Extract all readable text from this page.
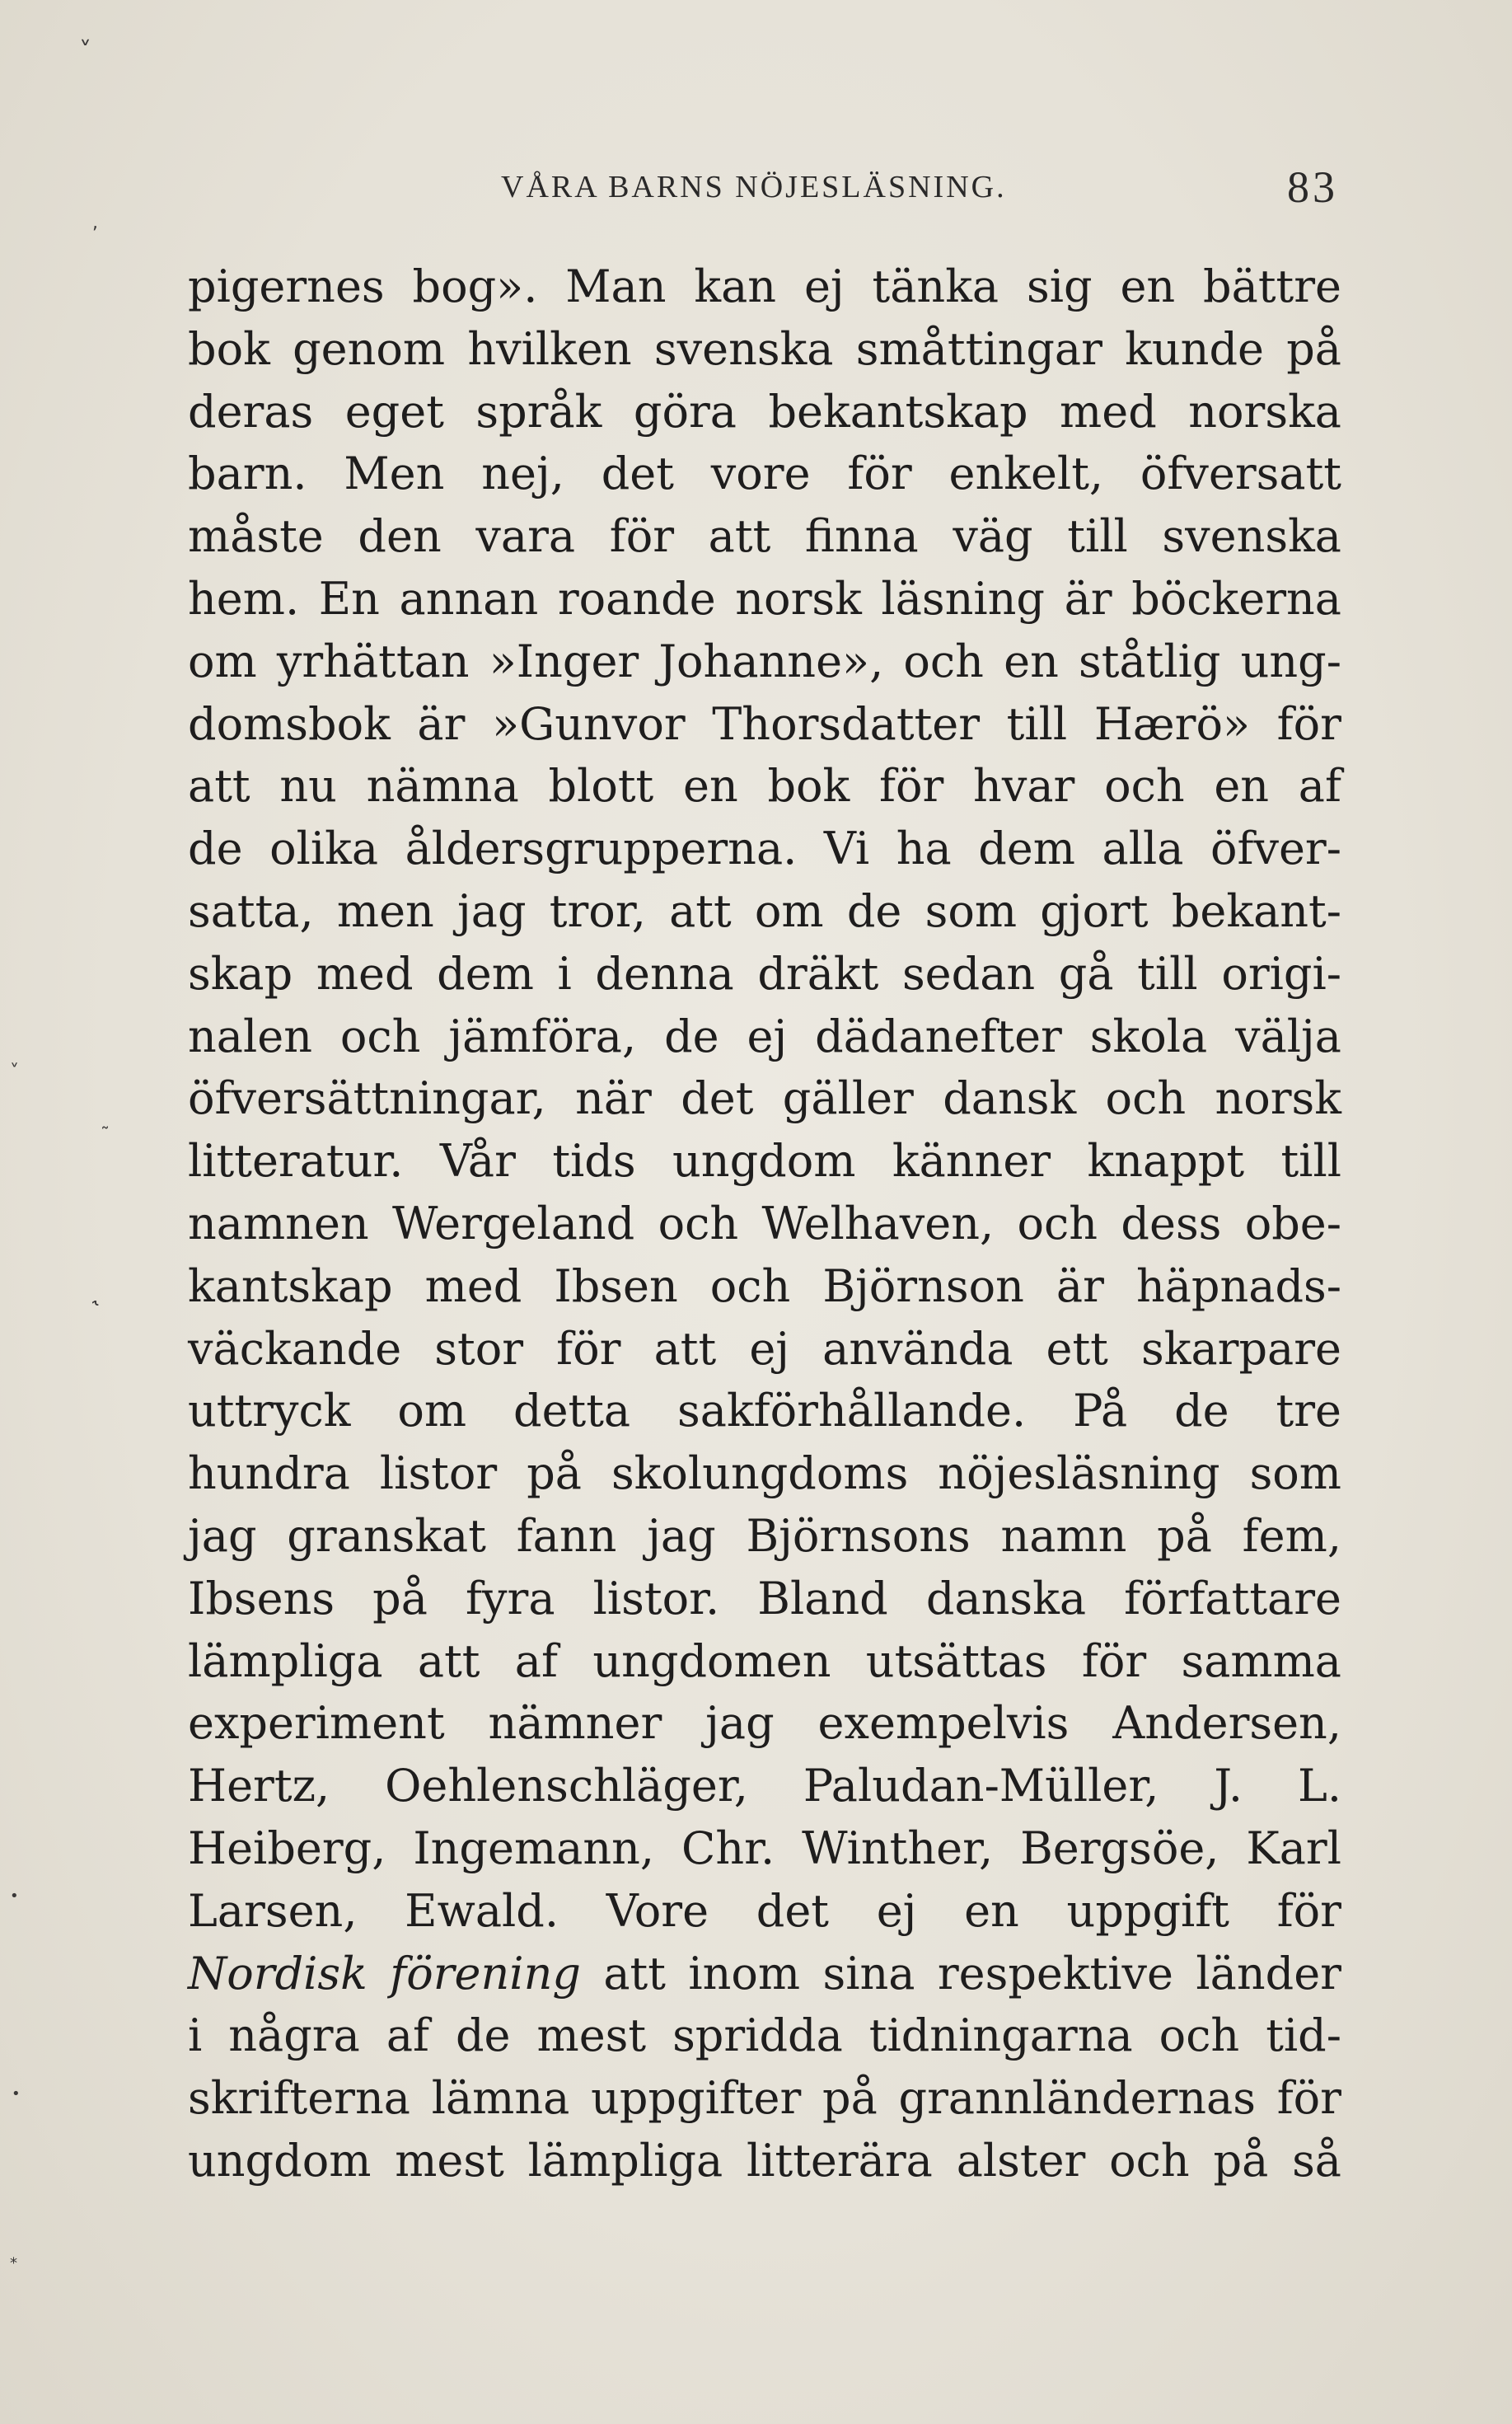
VÅRA BARNS NÖJESLÄSNING.	83
ˬ
,
˅
˜
˞
•
•
⁎
pigernes bog». Man kan ej tänka sig en bättre
bok genom hvilken svenska småttingar kunde på
deras eget språk göra bekantskap med norska
barn. Men nej, det vore för enkelt, öfversatt
måste den vara för att finna väg till svenska
hem. En annan roande norsk läsning är böckerna
om yrhättan »Inger Johanne», och en ståtlig ung-
domsbok är »Gunvor Thorsdatter till Hærö» för
att nu nämna blott en bok för hvar och en af
de olika åldersgrupperna. Vi ha dem alla öfver-
satta, men jag tror, att om de som gjort bekant-
skap med dem i denna dräkt sedan gå till origi-
nalen och jämföra, de ej dädanefter skola välja
öfversättningar, när det gäller dansk och norsk
litteratur. Vår tids ungdom känner knappt till
namnen Wergeland och Welhaven, och dess obe-
kantskap med Ibsen och Björnson är häpnads-
väckande stor för att ej använda ett skarpare
uttryck om detta sakförhållande. På de tre
hundra listor på skolungdoms nöjesläsning som
jag granskat fann jag Björnsons namn på fem,
Ibsens på fyra listor. Bland danska författare
lämpliga att af ungdomen utsättas för samma
experiment nämner jag exempelvis Andersen,
Hertz, Oehlenschläger, Paludan-Müller, J. L.
Heiberg, Ingemann, Chr. Winther, Bergsöe, Karl
Larsen, Ewald. Vore det ej en uppgift för
Nordisk förening att inom sina respektive länder
i några af de mest spridda tidningarna och tid-
skrifterna lämna uppgifter på grannländernas för
ungdom mest lämpliga litterära alster och på så
